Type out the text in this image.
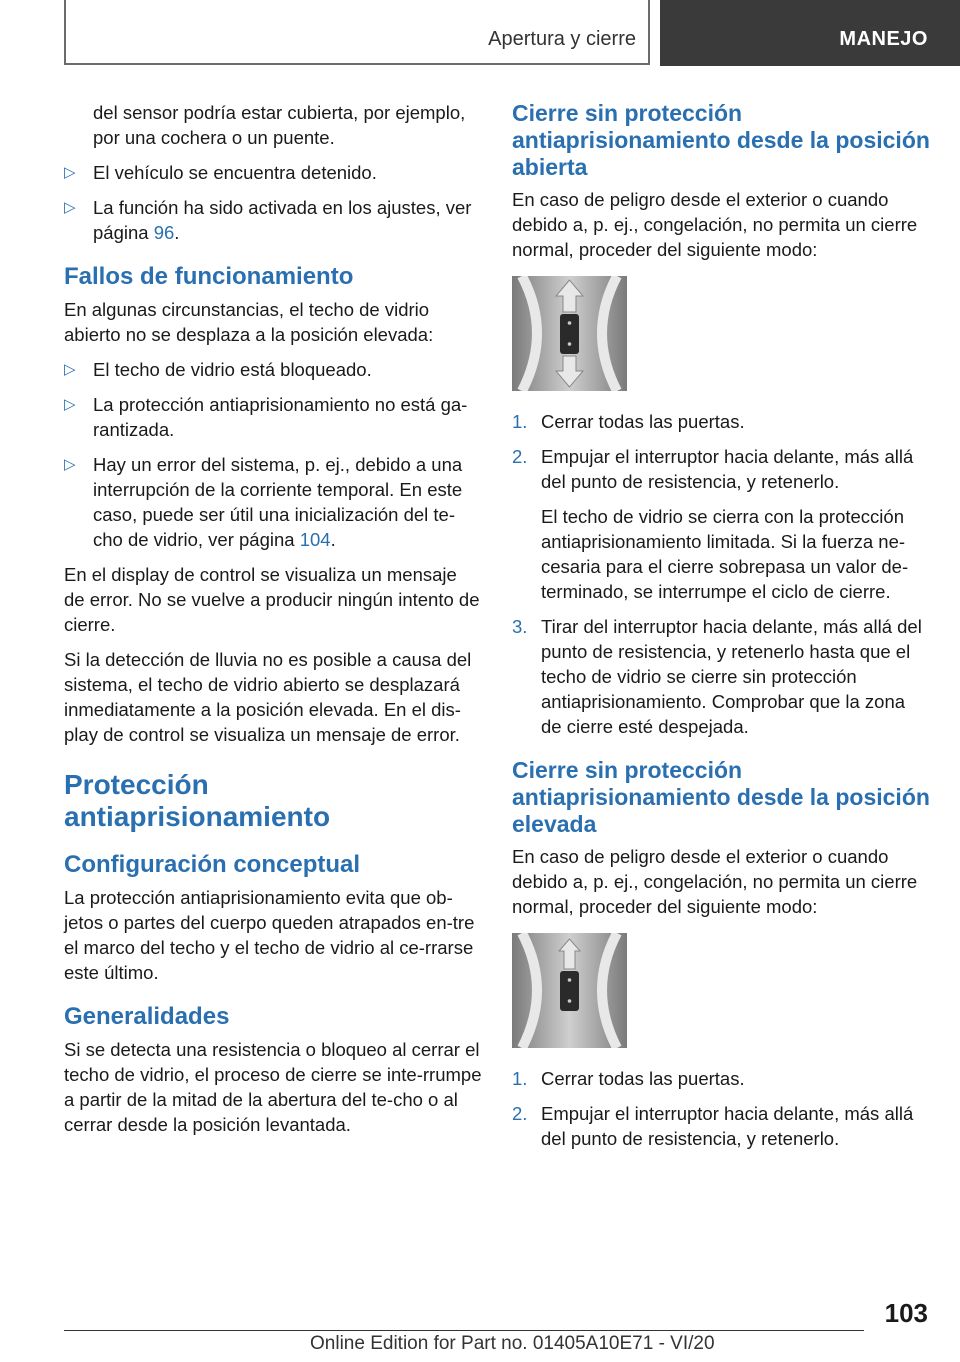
Apertura y cierre	MANEJO
del sensor podría estar cubierta, por ejemplo, por una cochera o un puente.
▷ El vehículo se encuentra detenido.
▷ La función ha sido activada en los ajustes, ver página 96.
Fallos de funcionamiento

En algunas circunstancias, el techo de vidrio abierto no se desplaza a la posición elevada:

▷ El techo de vidrio está bloqueado.
▷ La protección antiaprisionamiento no está ga-rantizada.
▷ Hay un error del sistema, p. ej., debido a una interrupción de la corriente temporal. En este caso, puede ser útil una inicialización del te-cho de vidrio, ver página 104.

En el display de control se visualiza un mensaje de error. No se vuelve a producir ningún intento de cierre.

Si la detección de lluvia no es posible a causa del sistema, el techo de vidrio abierto se desplazará inmediatamente a la posición elevada. En el dis-play de control se visualiza un mensaje de error.

Protección antiaprisionamiento
Configuración conceptual

La protección antiaprisionamiento evita que ob-jetos o partes del cuerpo queden atrapados en-tre el marco del techo y el techo de vidrio al ce-rrarse este último.

Generalidades

Si se detecta una resistencia o bloqueo al cerrar el techo de vidrio, el proceso de cierre se inte-rrumpe a partir de la mitad de la abertura del te-cho o al cerrar desde la posición levantada.

Cierre sin protección antiaprisionamiento desde la posición abierta

En caso de peligro desde el exterior o cuando debido a, p. ej., congelación, no permita un cierre normal, proceder del siguiente modo:

1. Cerrar todas las puertas.
2. Empujar el interruptor hacia delante, más allá del punto de resistencia, y retenerlo.
El techo de vidrio se cierra con la protección antiaprisionamiento limitada. Si la fuerza ne-cesaria para el cierre sobrepasa un valor de-terminado, se interrumpe el ciclo de cierre.
3. Tirar del interruptor hacia delante, más allá del punto de resistencia, y retenerlo hasta que el techo de vidrio se cierre sin protección antiaprisionamiento. Comprobar que la zona de cierre esté despejada.
Cierre sin protección antiaprisionamiento desde la posición elevada

En caso de peligro desde el exterior o cuando debido a, p. ej., congelación, no permita un cierre normal, proceder del siguiente modo:

1. Cerrar todas las puertas.
2. Empujar el interruptor hacia delante, más allá del punto de resistencia, y retenerlo.
103
Online Edition for Part no. 01405A10E71 - VI/20
